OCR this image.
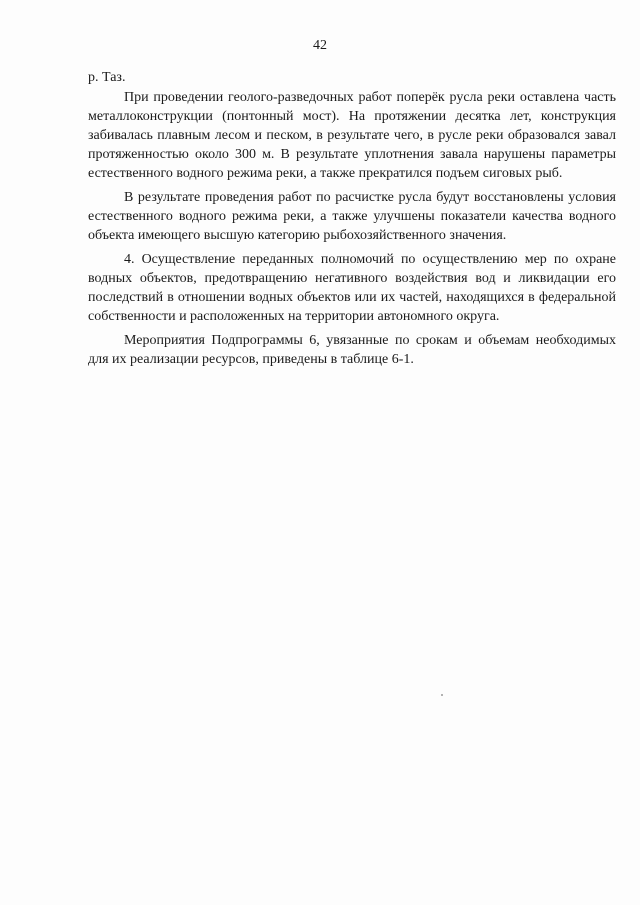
42

р. Таз.

При проведении геолого-разведочных работ поперёк русла реки оставлена часть металлоконструкции (понтонный мост). На протяжении десятка лет, конструкция забивалась плавным лесом и песком, в результате чего, в русле реки образовался завал протяженностью около 300 м. В результате уплотнения завала нарушены параметры естественного водного режима реки, а также прекратился подъем сиговых рыб.

В результате проведения работ по расчистке русла будут восстановлены условия естественного водного режима реки, а также улучшены показатели качества водного объекта имеющего высшую категорию рыбохозяйственного значения.

4. Осуществление переданных полномочий по осуществлению мер по охране водных объектов, предотвращению негативного воздействия вод и ликвидации его последствий в отношении водных объектов или их частей, находящихся в федеральной собственности и расположенных на территории автономного округа.

Мероприятия Подпрограммы 6, увязанные по срокам и объемам необходимых для их реализации ресурсов, приведены в таблице 6-1.
